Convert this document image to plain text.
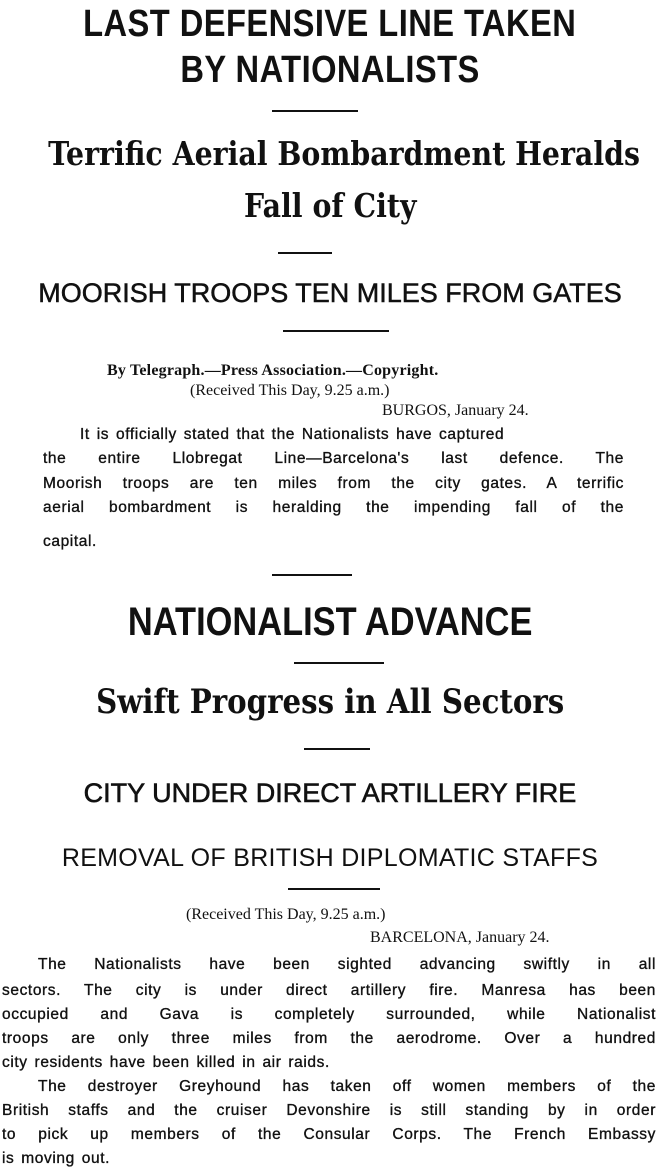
LAST DEFENSIVE LINE TAKEN
BY NATIONALISTS
Terrific Aerial Bombardment Heralds
Fall of City
MOORISH TROOPS TEN MILES FROM GATES
By Telegraph.—Press Association.—Copyright.
(Received This Day, 9.25 a.m.)
BURGOS, January 24.
It is officially stated that the Nationalists have captured
the entire Llobregat Line—Barcelona's last defence. The
Moorish troops are ten miles from the city gates. A terrific
aerial bombardment is heralding the impending fall of the
capital.
NATIONALIST ADVANCE
Swift Progress in All Sectors
CITY UNDER DIRECT ARTILLERY FIRE
REMOVAL OF BRITISH DIPLOMATIC STAFFS
(Received This Day, 9.25 a.m.)
BARCELONA, January 24.
The Nationalists have been sighted advancing swiftly in all
sectors. The city is under direct artillery fire. Manresa has been
occupied and Gava is completely surrounded, while Nationalist
troops are only three miles from the aerodrome. Over a hundred
city residents have been killed in air raids.
The destroyer Greyhound has taken off women members of the
British staffs and the cruiser Devonshire is still standing by in order
to pick up members of the Consular Corps. The French Embassy
is moving out.
